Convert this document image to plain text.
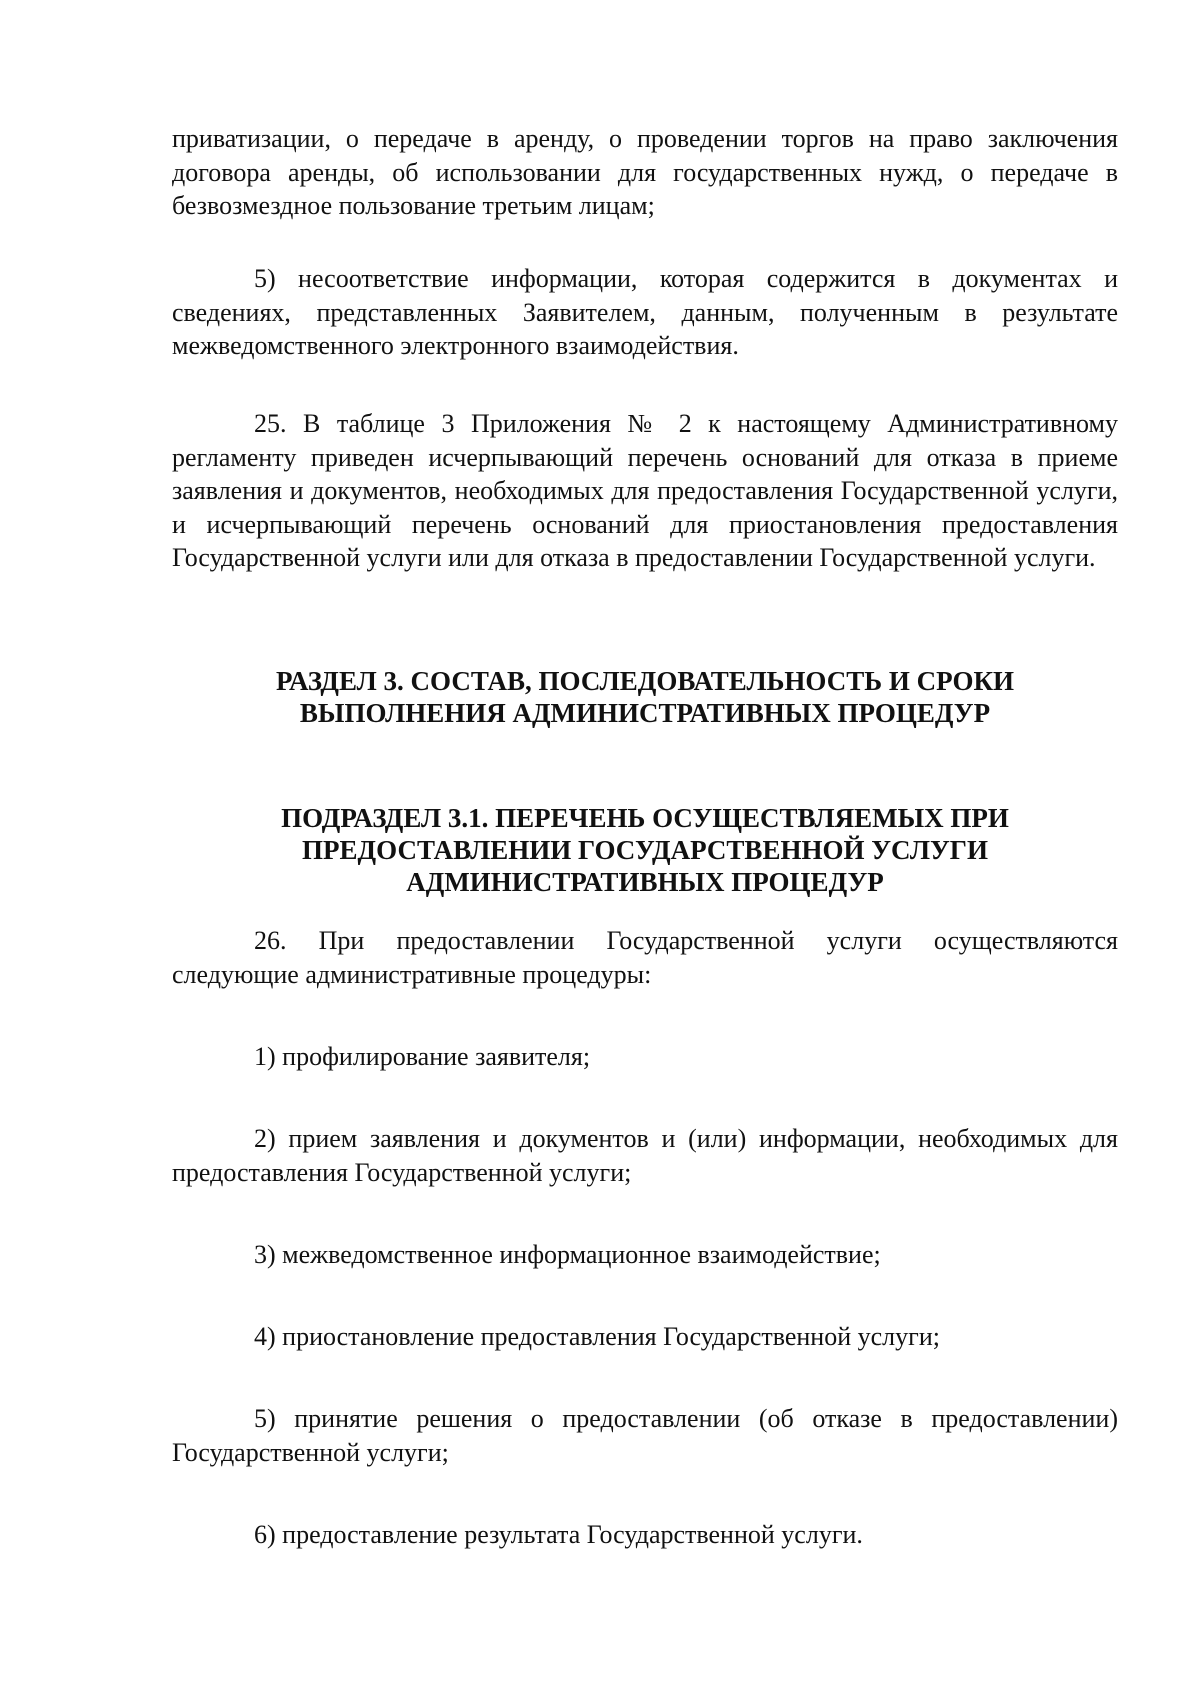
приватизации, о передаче в аренду, о проведении торгов на право заключения договора аренды, об использовании для государственных нужд, о передаче в безвозмездное пользование третьим лицам;

5) несоответствие информации, которая содержится в документах и сведениях, представленных Заявителем, данным, полученным в результате межведомственного электронного взаимодействия.

25. В таблице 3 Приложения № 2 к настоящему Административному регламенту приведен исчерпывающий перечень оснований для отказа в приеме заявления и документов, необходимых для предоставления Государственной услуги, и исчерпывающий перечень оснований для приостановления предоставления Государственной услуги или для отказа в предоставлении Государственной услуги.

РАЗДЕЛ 3. СОСТАВ, ПОСЛЕДОВАТЕЛЬНОСТЬ И СРОКИ
ВЫПОЛНЕНИЯ АДМИНИСТРАТИВНЫХ ПРОЦЕДУР
ПОДРАЗДЕЛ 3.1. ПЕРЕЧЕНЬ ОСУЩЕСТВЛЯЕМЫХ ПРИ
ПРЕДОСТАВЛЕНИИ ГОСУДАРСТВЕННОЙ УСЛУГИ
АДМИНИСТРАТИВНЫХ ПРОЦЕДУР

26. При предоставлении Государственной услуги осуществляются следующие административные процедуры:

1) профилирование заявителя;

2) прием заявления и документов и (или) информации, необходимых для предоставления Государственной услуги;

3) межведомственное информационное взаимодействие;

4) приостановление предоставления Государственной услуги;

5) принятие решения о предоставлении (об отказе в предоставлении) Государственной услуги;

6) предоставление результата Государственной услуги.
